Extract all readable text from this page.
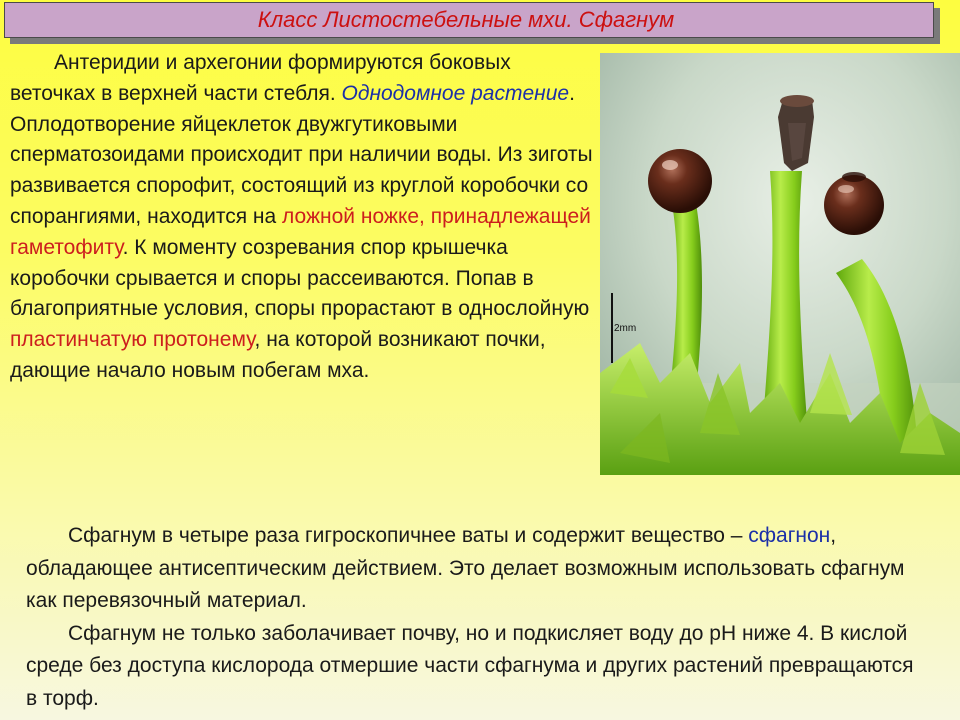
Класс Листостебельные мхи. Сфагнум

Антеридии и архегонии формируются боковых веточках в верхней части стебля. Однодомное растение. Оплодотворение яйцеклеток двужгутиковыми сперматозоидами происходит при наличии воды. Из зиготы развивается спорофит, состоящий из круглой коробочки со спорангиями, находится на ложной ножке, принадлежащей гаметофиту. К моменту созревания спор крышечка коробочки срывается и споры рассеиваются. Попав в благоприятные условия, споры прорастают в однослойную пластинчатую протонему, на которой возникают почки, дающие начало новым побегам мха.

2mm

Сфагнум в четыре раза гигроскопичнее ваты и содержит вещество – сфагнон, обладающее антисептическим действием. Это делает возможным использовать сфагнум как перевязочный материал.

Сфагнум не только заболачивает почву, но и подкисляет воду до рН ниже 4. В кислой среде без доступа кислорода отмершие части сфагнума и других растений превращаются в торф.
